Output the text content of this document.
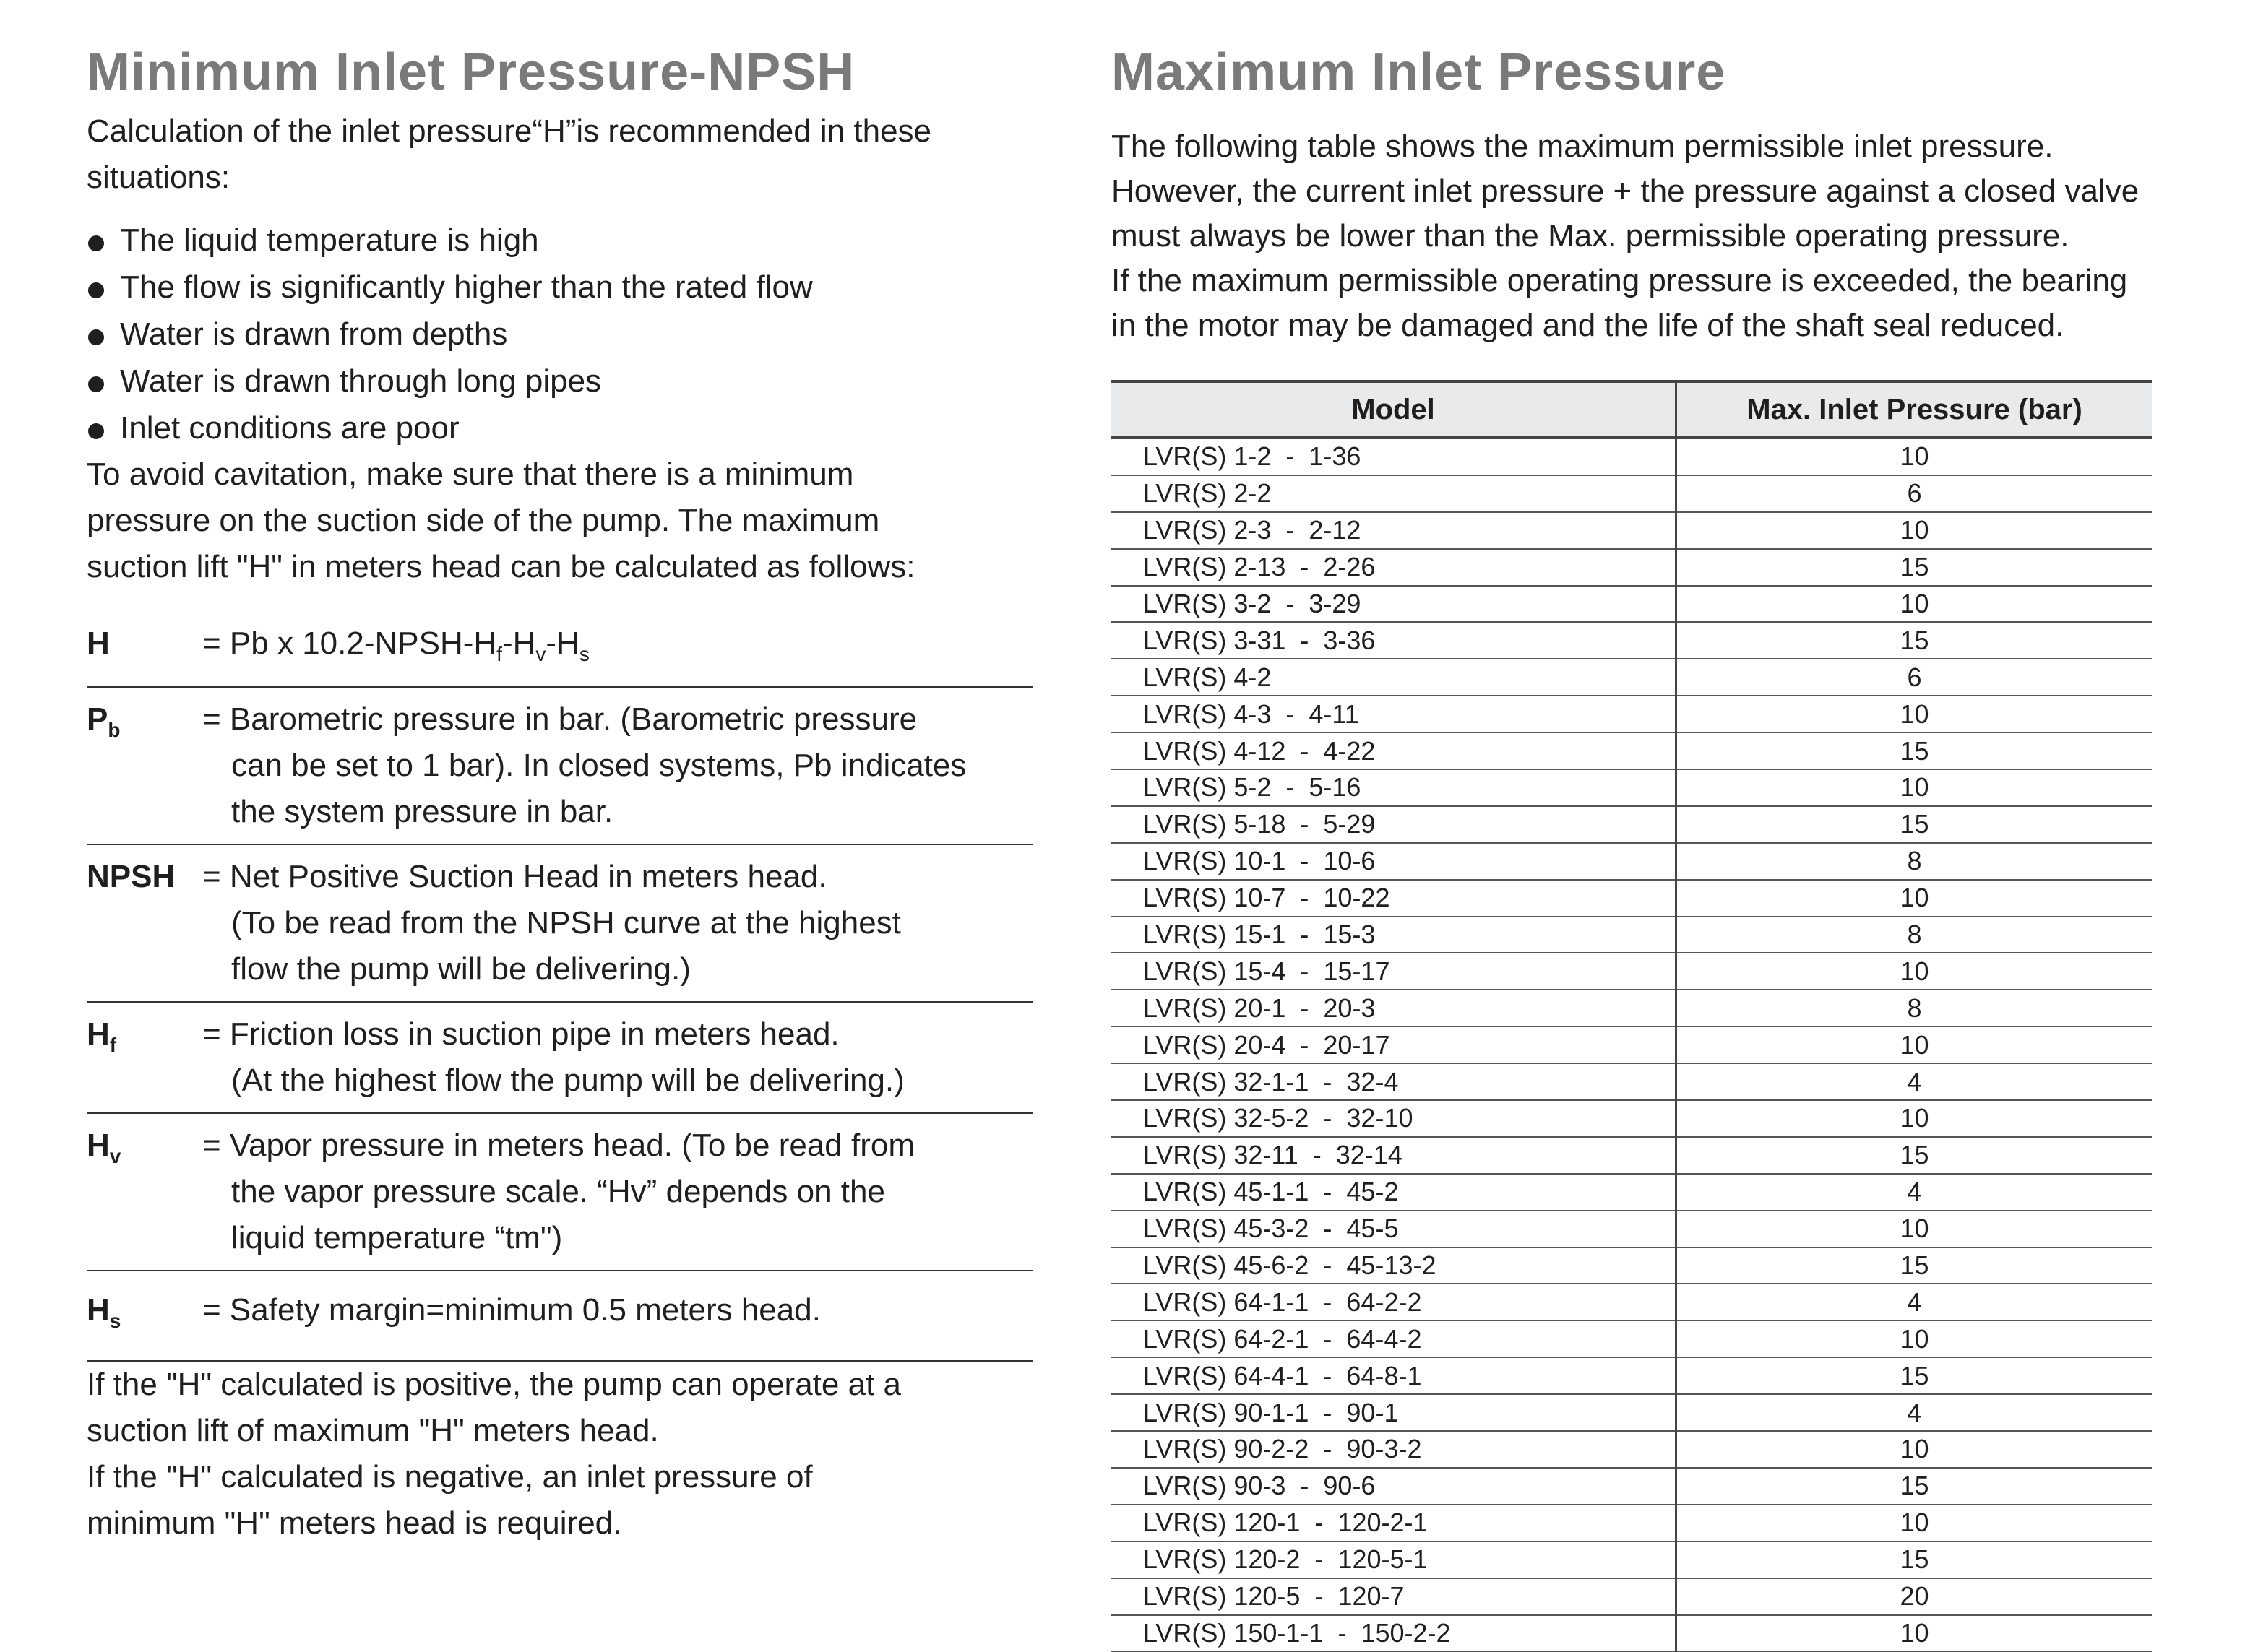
Minimum Inlet Pressure-NPSH

Calculation of the inlet pressure“H”is recommended in these
situations:

The liquid temperature is high
The flow is significantly higher than the rated flow
Water is drawn from depths
Water is drawn through long pipes
Inlet conditions are poor

To avoid cavitation, make sure that there is a minimum
pressure on the suction side of the pump. The maximum
suction lift "H" in meters head can be calculated as follows:

H	= Pb x $10.2-NPSH-H_f-H_v-H_s$
$P_b$	= Barometric pressure in bar. (Barometric pressure
can be set to 1 bar). In closed systems, Pb indicates
the system pressure in bar.
NPSH = Net Positive Suction Head in meters head.
(To be read from the NPSH curve at the highest
flow the pump will be delivering.)
$H_f$	= Friction loss in suction pipe in meters head.
(At the highest flow the pump will be delivering.)
$H_v$	= Vapor pressure in meters head. (To be read from
the vapor pressure scale. “Hv” depends on the
liquid temperature “tm")
$H_s$	= Safety margin=minimum 0.5 meters head.

If the "H" calculated is positive, the pump can operate at a
suction lift of maximum "H" meters head.
If the "H" calculated is negative, an inlet pressure of
minimum "H" meters head is required.

Maximum Inlet Pressure

The following table shows the maximum permissible inlet pressure.
However, the current inlet pressure + the pressure against a closed valve
must always be lower than the Max. permissible operating pressure.
If the maximum permissible operating pressure is exceeded, the bearing
in the motor may be damaged and the life of the shaft seal reduced.

Model	Max. Inlet Pressure (bar)
LVR(S) 1-2  -  1-36	10
LVR(S) 2-2	6
LVR(S) 2-3  -  2-12	10
LVR(S) 2-13  -  2-26	15
LVR(S) 3-2  -  3-29	10
LVR(S) 3-31  -  3-36	15
LVR(S) 4-2	6
LVR(S) 4-3  -  4-11	10
LVR(S) 4-12  -  4-22	15
LVR(S) 5-2  -  5-16	10
LVR(S) 5-18  -  5-29	15
LVR(S) 10-1  -  10-6	8
LVR(S) 10-7  -  10-22	10
LVR(S) 15-1  -  15-3	8
LVR(S) 15-4  -  15-17	10
LVR(S) 20-1  -  20-3	8
LVR(S) 20-4  -  20-17	10
LVR(S) 32-1-1  -  32-4	4
LVR(S) 32-5-2  -  32-10	10
LVR(S) 32-11  -  32-14	15
LVR(S) 45-1-1  -  45-2	4
LVR(S) 45-3-2  -  45-5	10
LVR(S) 45-6-2  -  45-13-2	15
LVR(S) 64-1-1  -  64-2-2	4
LVR(S) 64-2-1  -  64-4-2	10
LVR(S) 64-4-1  -  64-8-1	15
LVR(S) 90-1-1  -  90-1	4
LVR(S) 90-2-2  -  90-3-2	10
LVR(S) 90-3  -  90-6	15
LVR(S) 120-1  -  120-2-1	10
LVR(S) 120-2  -  120-5-1	15
LVR(S) 120-5  -  120-7	20
LVR(S) 150-1-1  -  150-2-2	10
